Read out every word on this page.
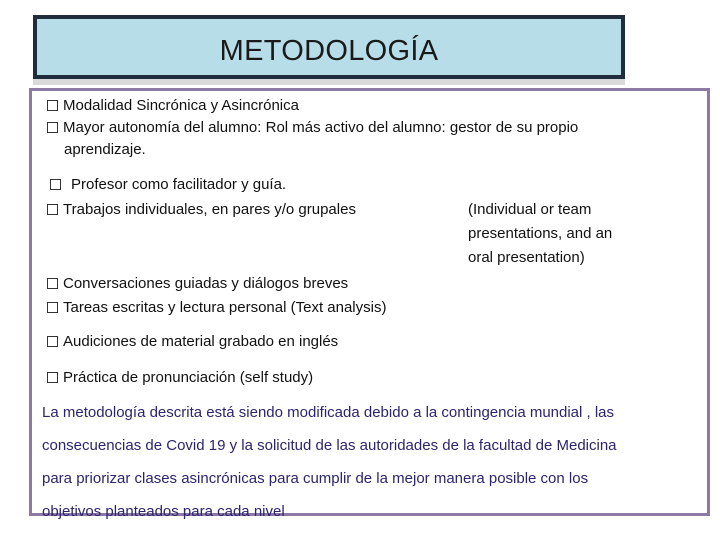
METODOLOGÍA
Modalidad Sincrónica y Asincrónica
Mayor autonomía del alumno: Rol más activo del alumno: gestor de su propio
aprendizaje.
Profesor como facilitador y guía.
Trabajos individuales, en pares y/o grupales	(Individual or team
presentations, and an
oral presentation)
Conversaciones guiadas y diálogos breves
Tareas escritas y lectura personal (Text analysis)
Audiciones de material grabado en inglés
Práctica de pronunciación (self study)
La metodología descrita está siendo modificada debido a la contingencia mundial , las
consecuencias de Covid 19 y la solicitud de las autoridades de la facultad de Medicina
para priorizar clases asincrónicas para cumplir de la mejor manera posible con los
objetivos planteados para cada nivel
